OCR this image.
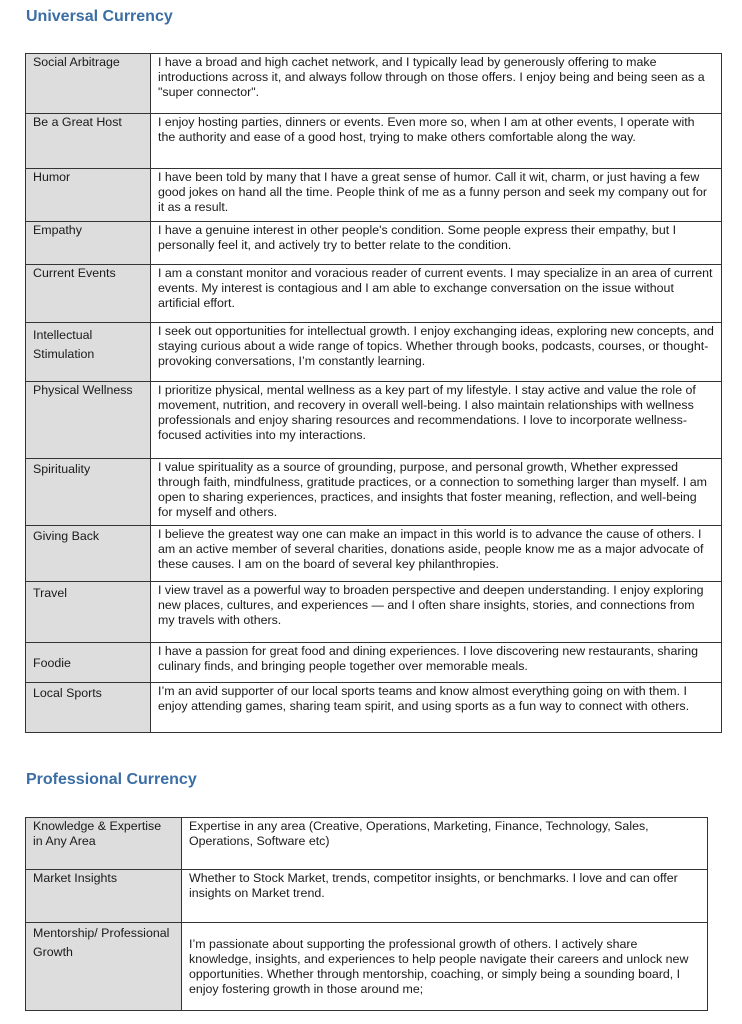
Universal Currency
Social Arbitrage	I have a broad and high cachet network, and I typically lead by generously offering to make introductions across it, and always follow through on those offers. I enjoy being and being seen as a "super connector".
Be a Great Host	I enjoy hosting parties, dinners or events. Even more so, when I am at other events, I operate with the authority and ease of a good host, trying to make others comfortable along the way.
Humor	I have been told by many that I have a great sense of humor. Call it wit, charm, or just having a few good jokes on hand all the time. People think of me as a funny person and seek my company out for it as a result.
Empathy	I have a genuine interest in other people's condition. Some people express their empathy, but I personally feel it, and actively try to better relate to the condition.
Current Events	I am a constant monitor and voracious reader of current events. I may specialize in an area of current events. My interest is contagious and I am able to exchange conversation on the issue without artificial effort.
Intellectual Stimulation	I seek out opportunities for intellectual growth. I enjoy exchanging ideas, exploring new concepts, and staying curious about a wide range of topics. Whether through books, podcasts, courses, or thought-provoking conversations, I’m constantly learning.
Physical Wellness	I prioritize physical, mental wellness as a key part of my lifestyle. I stay active and value the role of movement, nutrition, and recovery in overall well-being. I also maintain relationships with wellness professionals and enjoy sharing resources and recommendations. I love to incorporate wellness-focused activities into my interactions.
Spirituality	I value spirituality as a source of grounding, purpose, and personal growth, Whether expressed through faith, mindfulness, gratitude practices, or a connection to something larger than myself. I am open to sharing experiences, practices, and insights that foster meaning, reflection, and well-being for myself and others.
Giving Back	I believe the greatest way one can make an impact in this world is to advance the cause of others. I am an active member of several charities, donations aside, people know me as a major advocate of these causes. I am on the board of several key philanthropies.
Travel	I view travel as a powerful way to broaden perspective and deepen understanding. I enjoy exploring new places, cultures, and experiences — and I often share insights, stories, and connections from my travels with others.
Foodie	I have a passion for great food and dining experiences. I love discovering new restaurants, sharing culinary finds, and bringing people together over memorable meals.
Local Sports	I’m an avid supporter of our local sports teams and know almost everything going on with them. I enjoy attending games, sharing team spirit, and using sports as a fun way to connect with others.
Professional Currency
Knowledge & Expertise in Any Area	Expertise in any area (Creative, Operations, Marketing, Finance, Technology, Sales, Operations, Software etc)
Market Insights	Whether to Stock Market, trends, competitor insights, or benchmarks. I love and can offer insights on Market trend.
Mentorship/ Professional Growth	I’m passionate about supporting the professional growth of others. I actively share knowledge, insights, and experiences to help people navigate their careers and unlock new opportunities. Whether through mentorship, coaching, or simply being a sounding board, I enjoy fostering growth in those around me;
